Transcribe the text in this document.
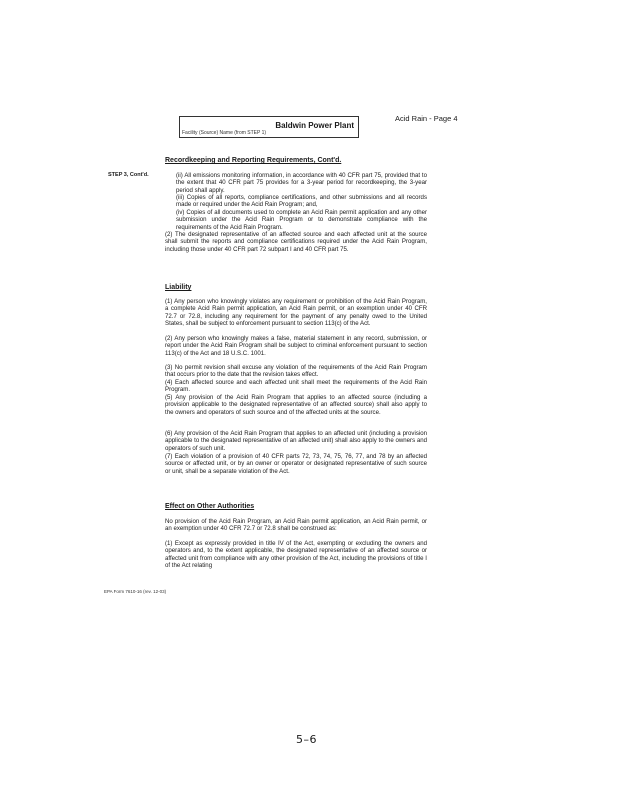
Facility (Source) Name (from STEP 1)
Baldwin Power Plant
Acid Rain - Page 4
STEP 3, Cont'd.
Recordkeeping and Reporting Requirements, Cont'd.

(ii) All emissions monitoring information, in accordance with 40 CFR part 75, provided that to the extent that 40 CFR part 75 provides for a 3-year period for recordkeeping, the 3-year period shall apply.

(iii) Copies of all reports, compliance certifications, and other submissions and all records made or required under the Acid Rain Program; and,

(iv) Copies of all documents used to complete an Acid Rain permit application and any other submission under the Acid Rain Program or to demonstrate compliance with the requirements of the Acid Rain Program.

(2) The designated representative of an affected source and each affected unit at the source shall submit the reports and compliance certifications required under the Acid Rain Program, including those under 40 CFR part 72 subpart I and 40 CFR part 75.

Liability

(1) Any person who knowingly violates any requirement or prohibition of the Acid Rain Program, a complete Acid Rain permit application, an Acid Rain permit, or an exemption under 40 CFR 72.7 or 72.8, including any requirement for the payment of any penalty owed to the United States, shall be subject to enforcement pursuant to section 113(c) of the Act.

(2) Any person who knowingly makes a false, material statement in any record, submission, or report under the Acid Rain Program shall be subject to criminal enforcement pursuant to section 113(c) of the Act and 18 U.S.C. 1001.

(3) No permit revision shall excuse any violation of the requirements of the Acid Rain Program that occurs prior to the date that the revision takes effect.

(4) Each affected source and each affected unit shall meet the requirements of the Acid Rain Program.

(5) Any provision of the Acid Rain Program that applies to an affected source (including a provision applicable to the designated representative of an affected source) shall also apply to the owners and operators of such source and of the affected units at the source.

(6) Any provision of the Acid Rain Program that applies to an affected unit (including a provision applicable to the designated representative of an affected unit) shall also apply to the owners and operators of such unit.

(7) Each violation of a provision of 40 CFR parts 72, 73, 74, 75, 76, 77, and 78 by an affected source or affected unit, or by an owner or operator or designated representative of such source or unit, shall be a separate violation of the Act.

Effect on Other Authorities

No provision of the Acid Rain Program, an Acid Rain permit application, an Acid Rain permit, or an exemption under 40 CFR 72.7 or 72.8 shall be construed as:

(1) Except as expressly provided in title IV of the Act, exempting or excluding the owners and operators and, to the extent applicable, the designated representative of an affected source or affected unit from compliance with any other provision of the Act, including the provisions of title I of the Act relating

EPA Form 7610-16 (rev. 12-03)
5–6
